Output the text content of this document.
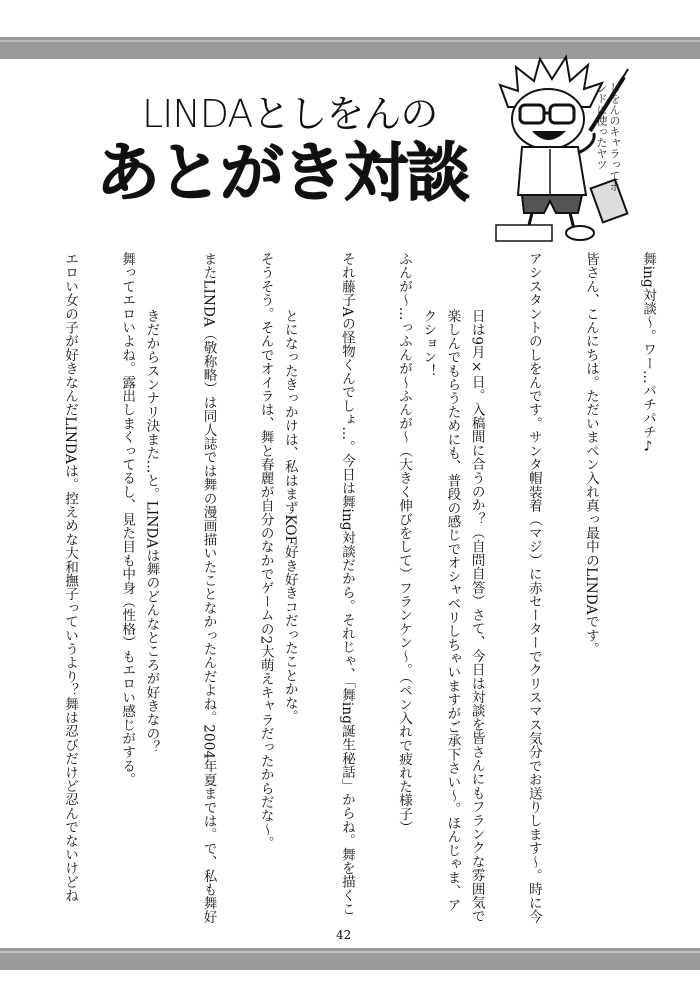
LINDAとしをんの
あとがき対談	しをんのキャラってホシドに使ったヤツ
舞ing対談～。ワー…パチパチ♪
皆さん、こんにちは。ただいまペン入れ真っ最中のLINDAです。
アシスタントのしをんです。サンタ帽装着（マジ）に赤セーターでクリスマス気分でお送りします～。時に今日は9月×日。入稿間に合うのか？（自問自答）さて、今日は対談を皆さんにもフランクな雰囲気で楽しんでもらうためにも、普段の感じでオシャベリしちゃいますがご承下さい～。ほんじゃま、アクション！
ふんが～…っふんが～ふんが～（大きく伸びをして）フランケン～。（ペン入れで疲れた様子）
それ藤子Aの怪物くんでしょ…。今日は舞ing対談だから。それじゃ、「舞ing誕生秘話」からね。舞を描くことになったきっかけは、私はまずKOF好き好きコだったことかな。
そうそう。そんでオイラは、舞と春麗が自分のなかでゲームの2大萌えキャラだったからだな～。
またLINDA（敬称略）は同人誌では舞の漫画描いたことなかったんだよね。2004年夏までは。で、私も舞好きだからスンナリ決また…と。LINDAは舞のどんなところが好きなの？
舞ってエロいよね。露出しまくってるし、見た目も中身（性格）もエロい感じがする。
エロい女の子が好きなんだLINDAは。控えめな大和撫子っていうより？舞は忍びだけど忍んでないけどね
42
